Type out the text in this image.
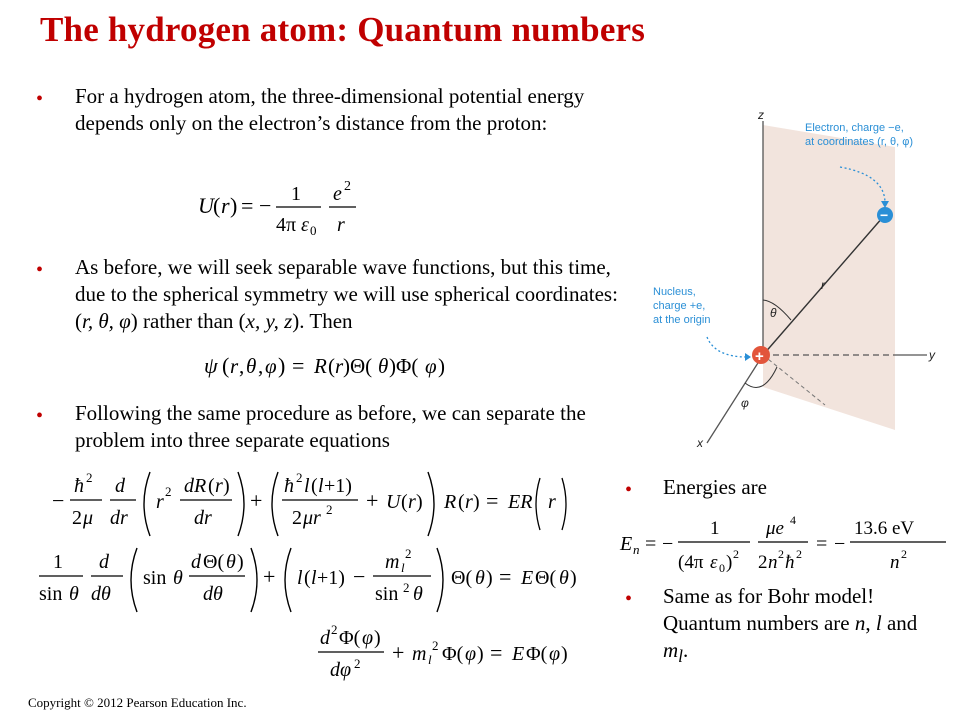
The hydrogen atom: Quantum numbers
• For a hydrogen atom, the three-dimensional potential energy depends only on the electron’s distance from the proton:
U ( r ) = − 1
4π ε 0
e 2
r
• As before, we will seek separable wave functions, but this time, due to the spherical symmetry we will use spherical coordinates: (r, θ, φ) rather than (x, y, z). Then
ψ ( r , θ , φ ) = R ( r )Θ( θ )Φ( φ )
• Following the same procedure as before, we can separate the problem into three separate equations
−
ħ 2
2 μ
d
dr
r 2 dR ( r )
dr
+
ħ 2 l ( l +1)
2 μr 2 + U ( r ) R ( r ) = ER r
1
sin θ
d
dθ
sin θ
d Θ( θ )
dθ
+ l ( l +1) −
m l
2
sin 2 θ
Θ( θ ) = E Θ( θ )
d 2 Φ( φ )
dφ 2 + m l
2 Φ( φ ) = E Φ( φ )
−
+
z
y
x
r
θ
φ
Electron, charge −e,
at coordinates (r, θ, φ)
Nucleus,
charge +e,
at the origin
• Energies are
E n = −
1
(4π ε 0 ) 2
μe 4
2 n 2 ħ 2 = −
13.6 eV
n 2
• Same as for Bohr model! Quantum numbers are n, l and $m_l$.
Copyright © 2012 Pearson Education Inc.
